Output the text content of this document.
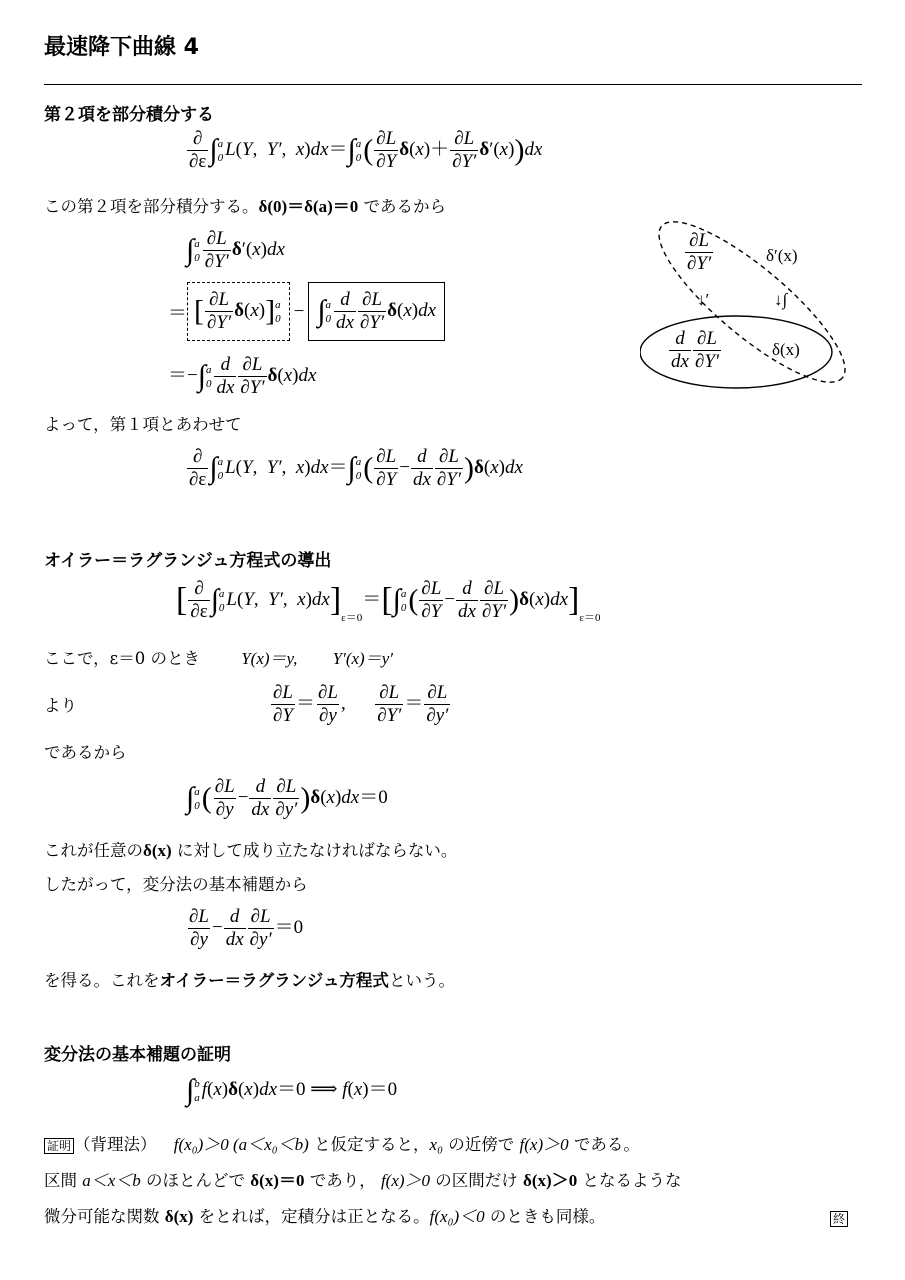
最速降下曲線 4
第２項を部分積分する
$\frac{\partial}{\partial\varepsilon}$ ∫ a
0 L(Y,  Y′,  x)dx＝∫ a
0 ( $\frac{\partial L}{\partial Y} \delta(x)+ \frac{\partial L}{\partial Y'} \delta'(x))dx$
この第２項を部分積分する。δ(0)＝δ(a)＝0 であるから
∫ a
$0 \frac{\partial L}{\partial Y'} \delta'(x)dx$
＝ [ $\frac{\partial L}{\partial Y'} \delta(x)$] a
0 − ∫ a
$0 \frac{d}{dx} \frac{\partial L}{\partial Y'} \delta(x)dx$
＝−∫ a
$0 \frac{d}{dx} \frac{\partial L}{\partial Y'} \delta(x)dx$
$\frac{\partial L}{\partial Y'}$	δ′(x)
↓′	↓∫
$\frac{d}{dx} \frac{\partial L}{\partial Y'}$	δ(x)
よって，第１項とあわせて
$\frac{\partial}{\partial\varepsilon}$ ∫ a
0 L(Y,  Y′,  x)dx＝∫ a
0 ( $\frac{\partial L}{\partial Y} - \frac{d}{dx} \frac{\partial L}{\partial Y'} )\delta(x)dx$
オイラー＝ラグランジュ方程式の導出
[ $\frac{\partial}{\partial\varepsilon}$ ∫ a
0 L(Y,  Y′,  $x)dx]_{\varepsilon=0}=[\int$ a
0 ( $\frac{\partial L}{\partial Y} - \frac{d}{dx} \frac{\partial L}{\partial Y'} )\delta(x)dx]_{\varepsilon=0}$
ここで，ε＝0 のとき Y(x)＝y, Y′(x)＝y′
より	$\frac{\partial L}{\partial Y} = \frac{\partial L}{\partial y}$ , $\frac{\partial L}{\partial Y'} = \frac{\partial L}{\partial y'}$
であるから
∫ a
0 ( $\frac{\partial L}{\partial y} - \frac{d}{dx} \frac{\partial L}{\partial y'} )\delta(x)dx=0$
これが任意のδ(x) に対して成り立たなければならない。
したがって，変分法の基本補題から
$\frac{\partial L}{\partial y} - \frac{d}{dx} \frac{\partial L}{\partial y'} =0$
を得る。これをオイラー＝ラグランジュ方程式という。
変分法の基本補題の証明
∫ b
a f(x)δ(x)dx＝0 ⟹ f(x)＝0
証明 （背理法） f(x₀)＞0 (a＜x₀＜b) と仮定すると，x₀ の近傍で f(x)＞0 である。
区間 a＜x＜b のほとんどで δ(x)＝0 であり， f(x)＞0 の区間だけ δ(x)＞0 となるような
微分可能な関数 δ(x) をとれば，定積分は正となる。f(x₀)＜0 のときも同様。	終
